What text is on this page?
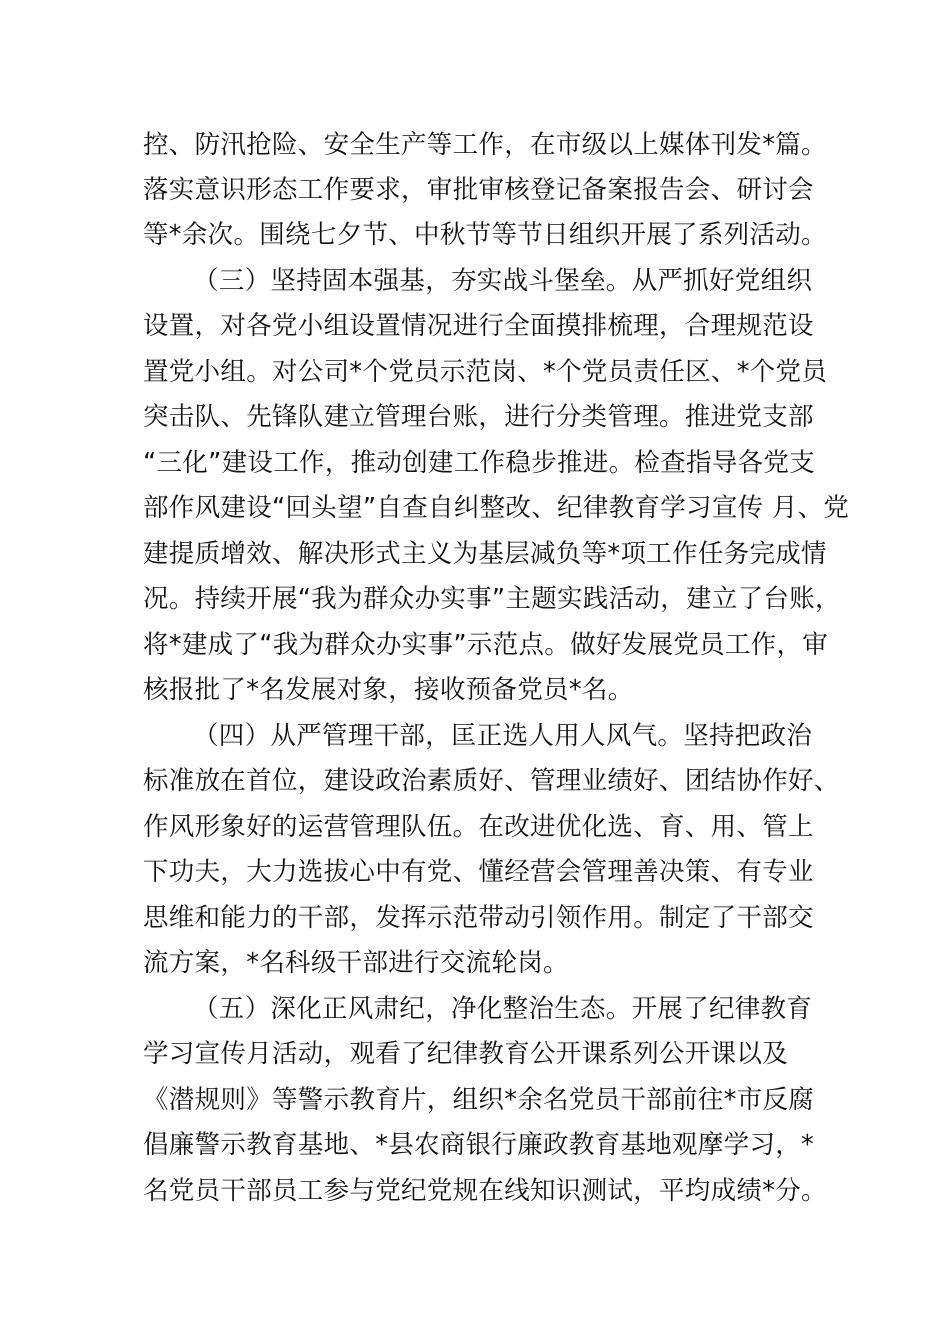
控、防汛抢险、安全生产等工作，在市级以上媒体刊发*篇。
落实意识形态工作要求，审批审核登记备案报告会、研讨会
等*余次。围绕七夕节、中秋节等节日组织开展了系列活动。
（三）坚持固本强基，夯实战斗堡垒。从严抓好党组织
设置，对各党小组设置情况进行全面摸排梳理，合理规范设
置党小组。对公司*个党员示范岗、*个党员责任区、*个党员
突击队、先锋队建立管理台账，进行分类管理。推进党支部
“三化”建设工作，推动创建工作稳步推进。检查指导各党支
部作风建设“回头望”自查自纠整改、纪律教育学习宣传 月、党
建提质增效、解决形式主义为基层减负等*项工作任务完成情
况。持续开展“我为群众办实事”主题实践活动，建立了台账，
将*建成了“我为群众办实事”示范点。做好发展党员工作，审
核报批了*名发展对象，接收预备党员*名。
（四）从严管理干部，匡正选人用人风气。坚持把政治
标准放在首位，建设政治素质好、管理业绩好、团结协作好、
作风形象好的运营管理队伍。在改进优化选、育、用、管上
下功夫，大力选拔心中有党、懂经营会管理善决策、有专业
思维和能力的干部，发挥示范带动引领作用。制定了干部交
流方案，*名科级干部进行交流轮岗。
（五）深化正风肃纪，净化整治生态。开展了纪律教育
学习宣传月活动，观看了纪律教育公开课系列公开课以及
《潜规则》等警示教育片，组织*余名党员干部前往*市反腐
倡廉警示教育基地、*县农商银行廉政教育基地观摩学习，*
名党员干部员工参与党纪党规在线知识测试，平均成绩*分。
